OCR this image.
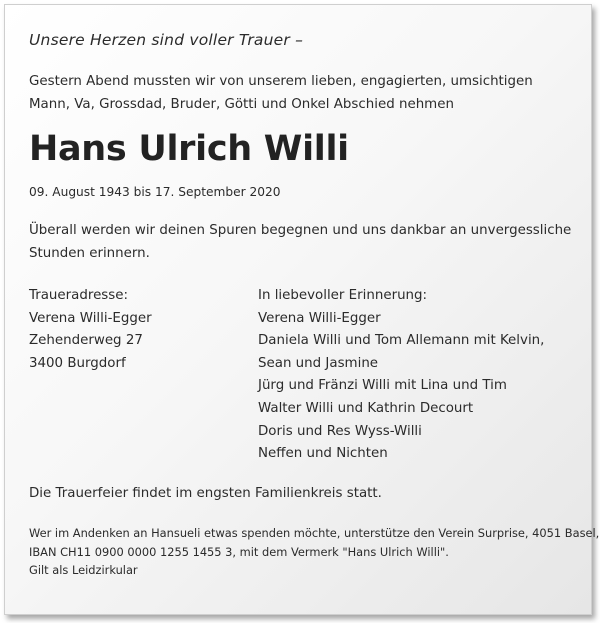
Unsere Herzen sind voller Trauer –
Gestern Abend mussten wir von unserem lieben, engagierten, umsichtigen Mann, Va, Grossdad, Bruder, Götti und Onkel Abschied nehmen
Hans Ulrich Willi
09. August 1943 bis 17. September 2020
Überall werden wir deinen Spuren begegnen und uns dankbar an unvergessliche Stunden erinnern.
Traueradresse:
Verena Willi-Egger
Zehenderweg 27
3400 Burgdorf
In liebevoller Erinnerung:
Verena Willi-Egger
Daniela Willi und Tom Allemann mit Kelvin, Sean und Jasmine
Jürg und Fränzi Willi mit Lina und Tim
Walter Willi und Kathrin Decourt
Doris und Res Wyss-Willi
Neffen und Nichten
Die Trauerfeier findet im engsten Familienkreis statt.
Wer im Andenken an Hansueli etwas spenden möchte, unterstütze den Verein Surprise, 4051 Basel,
IBAN CH11 0900 0000 1255 1455 3, mit dem Vermerk "Hans Ulrich Willi".
Gilt als Leidzirkular
